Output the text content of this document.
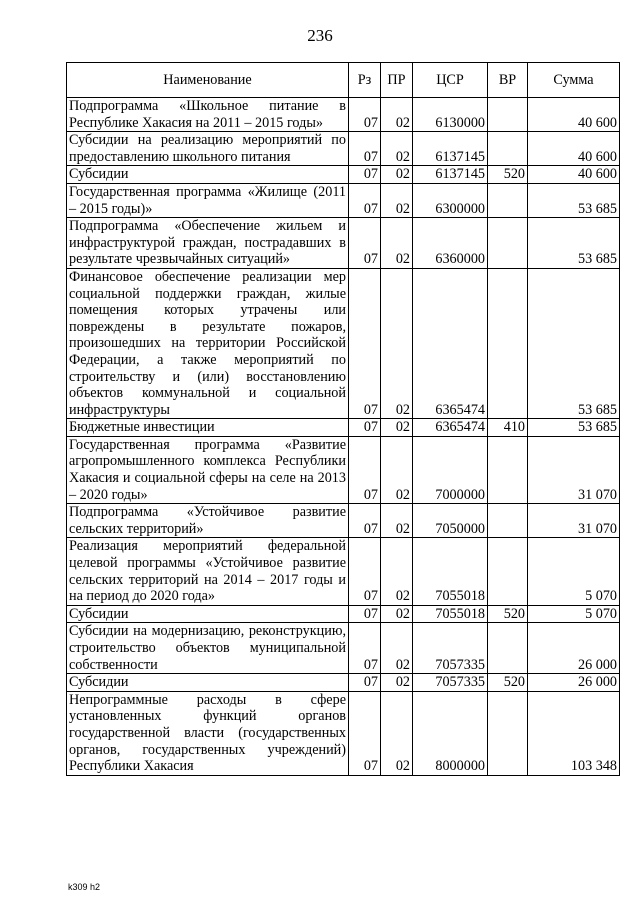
236
Наименование	Рз	ПР	ЦСР	ВР	Сумма
Подпрограмма «Школьное питание в Республике Хакасия на 2011 – 2015 годы»	07	02	6130000		40 600
Субсидии на реализацию мероприятий по предоставлению школьного питания	07	02	6137145		40 600
Субсидии	07	02	6137145	520	40 600
Государственная программа «Жилище (2011 – 2015 годы)»	07	02	6300000		53 685
Подпрограмма «Обеспечение жильем и инфраструктурой граждан, пострадавших в результате чрезвычайных ситуаций»	07	02	6360000		53 685
Финансовое обеспечение реализации мер социальной поддержки граждан, жилые помещения которых утрачены или повреждены в результате пожаров, произошедших на территории Российской Федерации, а также мероприятий по строительству и (или) восстановлению объектов коммунальной и социальной инфраструктуры	07	02	6365474		53 685
Бюджетные инвестиции	07	02	6365474	410	53 685
Государственная программа «Развитие агропромышленного комплекса Республики Хакасия и социальной сферы на селе на 2013 – 2020 годы»	07	02	7000000		31 070
Подпрограмма «Устойчивое развитие сельских территорий»	07	02	7050000		31 070
Реализация мероприятий федеральной целевой программы «Устойчивое развитие сельских территорий на 2014 – 2017 годы и на период до 2020 года»	07	02	7055018		5 070
Субсидии	07	02	7055018	520	5 070
Субсидии на модернизацию, реконструкцию, строительство объектов муниципальной собственности	07	02	7057335		26 000
Субсидии	07	02	7057335	520	26 000
Непрограммные расходы в сфере установленных функций органов государственной власти (государственных органов, государственных учреждений) Республики Хакасия	07	02	8000000		103 348
k309 h2
